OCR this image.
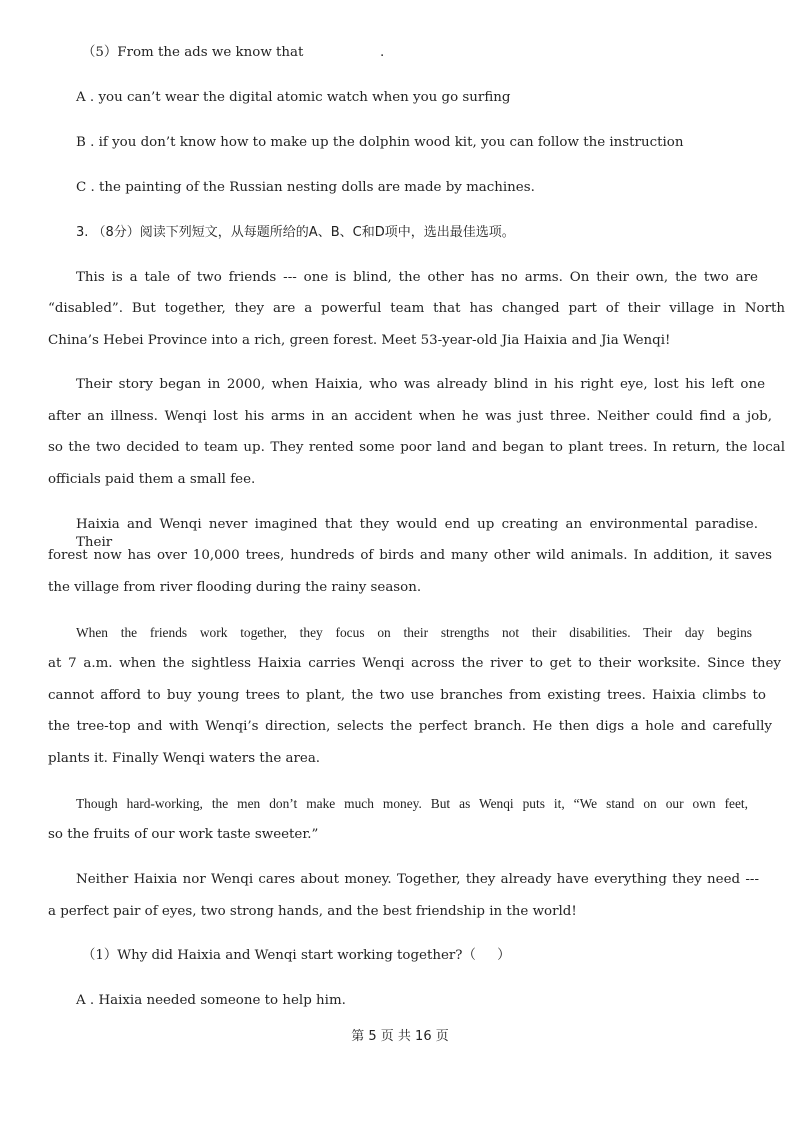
（5）From the ads we know that                  .
A . you can’t wear the digital atomic watch when you go surfing
B . if you don’t know how to make up the dolphin wood kit, you can follow the instruction
C . the painting of the Russian nesting dolls are made by machines.
3. （8分）阅读下列短文，从每题所给的A、B、C和D项中，选出最佳选项。
This is a tale of two friends --- one is blind, the other has no arms. On their own, the two are
“disabled”. But together, they are a powerful team that has changed part of their village in North
China’s Hebei Province into a rich, green forest. Meet 53-year-old Jia Haixia and Jia Wenqi!
Their story began in 2000, when Haixia, who was already blind in his right eye, lost his left one
after an illness. Wenqi lost his arms in an accident when he was just three. Neither could find a job,
so the two decided to team up. They rented some poor land and began to plant trees. In return, the local
officials paid them a small fee.
Haixia and Wenqi never imagined that they would end up creating an environmental paradise. Their
forest now has over 10,000 trees, hundreds of birds and many other wild animals. In addition, it saves
the village from river flooding during the rainy season.
When the friends work together, they focus on their strengths not their disabilities. Their day begins
at 7 a.m. when the sightless Haixia carries Wenqi across the river to get to their worksite. Since they
cannot afford to buy young trees to plant, the two use branches from existing trees. Haixia climbs to
the tree-top and with Wenqi’s direction, selects the perfect branch. He then digs a hole and carefully
plants it. Finally Wenqi waters the area.
Though hard-working, the men don’t make much money. But as Wenqi puts it, “We stand on our own feet,
so the fruits of our work taste sweeter.”
Neither Haixia nor Wenqi cares about money. Together, they already have everything they need ---
a perfect pair of eyes, two strong hands, and the best friendship in the world!
（1）Why did Haixia and Wenqi start working together?（     ）
A . Haixia needed someone to help him.
第 5 页 共 16 页
